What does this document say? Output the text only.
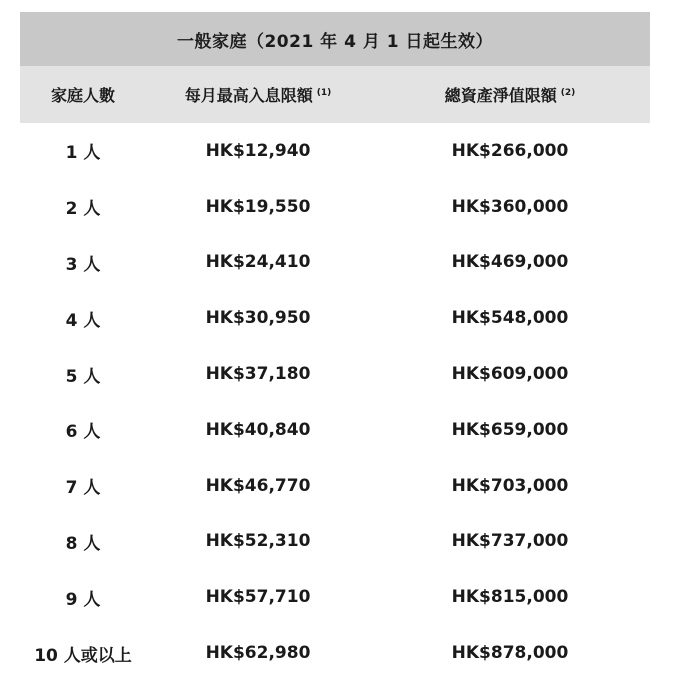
一般家庭（2021 年 4 月 1 日起生效）
家庭人數	每月最高入息限額 $^{(1)}$	總資產淨值限額 $^{(2)}$
1 人	HK$12,940	HK$266,000
2 人	HK$19,550	HK$360,000
3 人	HK$24,410	HK$469,000
4 人	HK$30,950	HK$548,000
5 人	HK$37,180	HK$609,000
6 人	HK$40,840	HK$659,000
7 人	HK$46,770	HK$703,000
8 人	HK$52,310	HK$737,000
9 人	HK$57,710	HK$815,000
10 人或以上	HK$62,980	HK$878,000
